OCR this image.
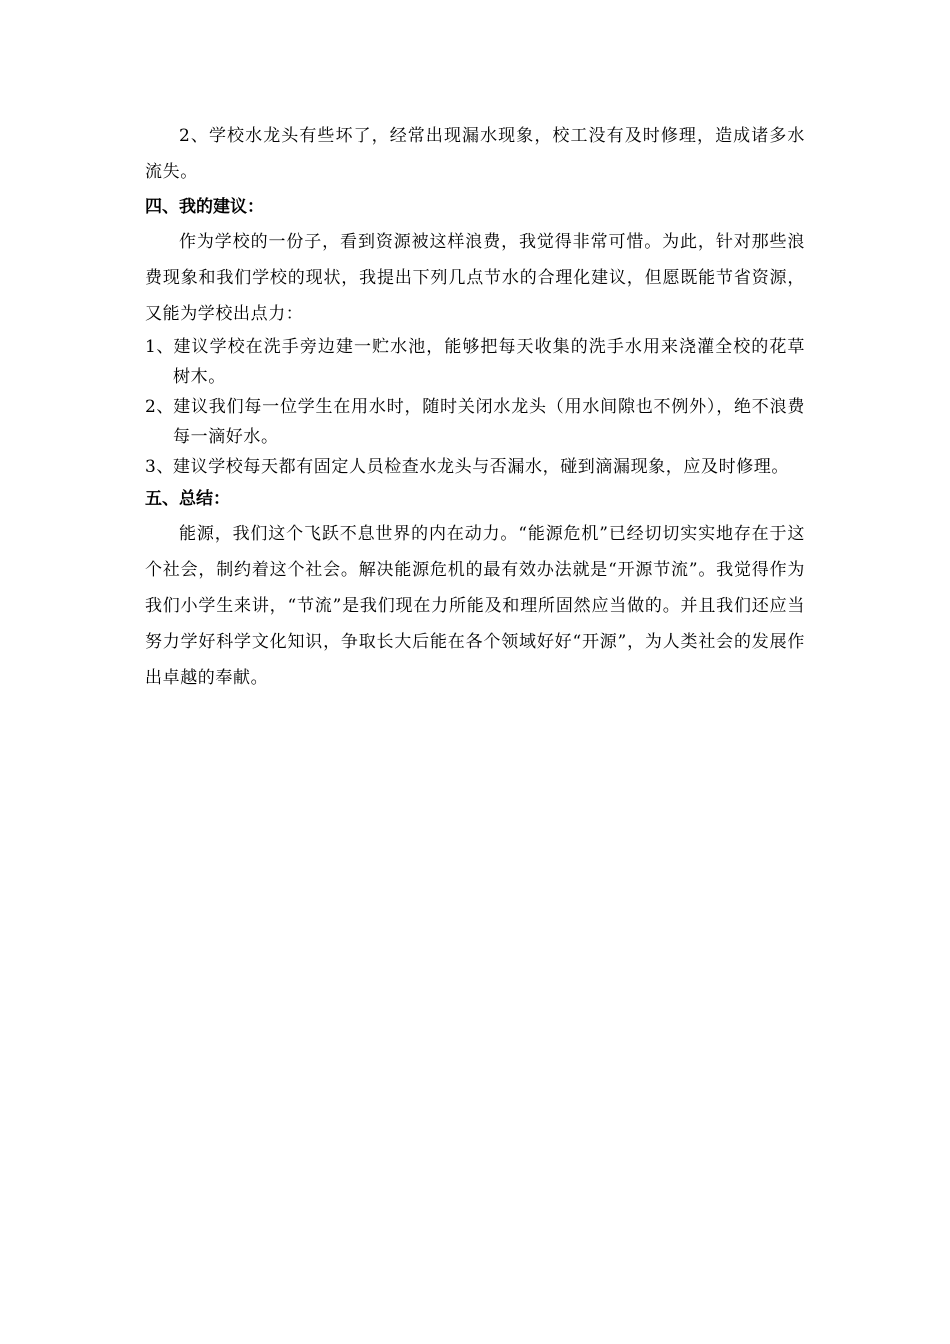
2、学校水龙头有些坏了，经常出现漏水现象，校工没有及时修理，造成诸多水流失。

四、我的建议：

作为学校的一份子，看到资源被这样浪费，我觉得非常可惜。为此，针对那些浪费现象和我们学校的现状，我提出下列几点节水的合理化建议，但愿既能节省资源，又能为学校出点力：

1、建议学校在洗手旁边建一贮水池，能够把每天收集的洗手水用来浇灌全校的花草树木。
2、建议我们每一位学生在用水时，随时关闭水龙头（用水间隙也不例外），绝不浪费每一滴好水。
3、建议学校每天都有固定人员检查水龙头与否漏水，碰到滴漏现象，应及时修理。

五、总结：

能源，我们这个飞跃不息世界的内在动力。“能源危机”已经切切实实地存在于这个社会，制约着这个社会。解决能源危机的最有效办法就是“开源节流”。我觉得作为我们小学生来讲，“节流”是我们现在力所能及和理所固然应当做的。并且我们还应当努力学好科学文化知识，争取长大后能在各个领域好好“开源”，为人类社会的发展作出卓越的奉献。
